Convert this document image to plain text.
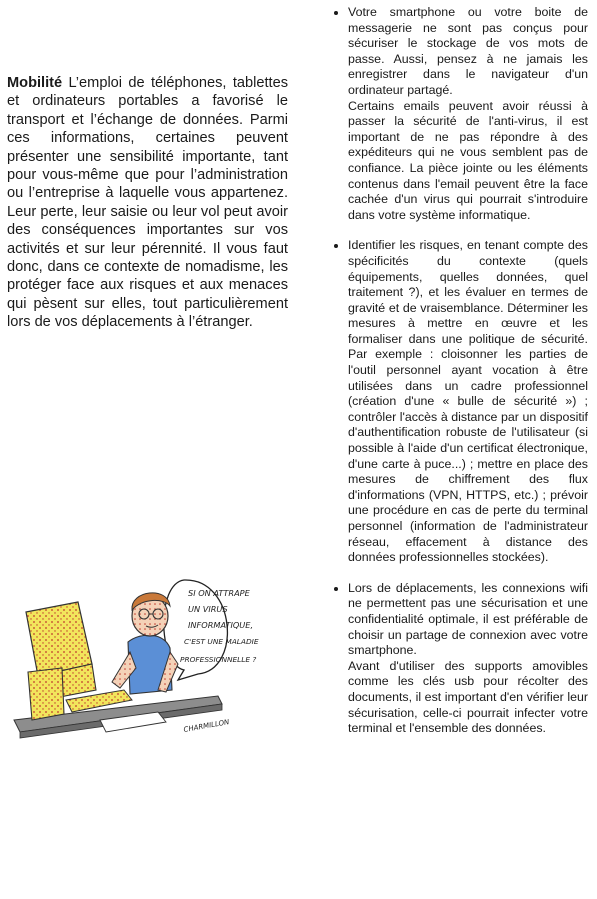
Mobilité L’emploi de téléphones, tablettes et ordinateurs portables a favorisé le transport et l’échange de données. Parmi ces informations, certaines peuvent présenter une sensibilité importante, tant pour vous-même que pour l’administration ou l’entreprise à laquelle vous appartenez. Leur perte, leur saisie ou leur vol peut avoir des conséquences importantes sur vos activités et sur leur pérennité. Il vous faut donc, dans ce contexte de nomadisme, les protéger face aux risques et aux menaces qui pèsent sur elles, tout particulièrement lors de vos déplacements à l’étranger.
SI ON ATTRAPE
UN VIRUS
INFORMATIQUE,
C'EST UNE MALADIE
PROFESSIONNELLE ?
CHARMILLON

• Votre smartphone ou votre boite de messagerie ne sont pas conçus pour sécuriser le stockage de vos mots de passe. Aussi, pensez à ne jamais les enregistrer dans le navigateur d'un ordinateur partagé.

Certains emails peuvent avoir réussi à passer la sécurité de l'anti-virus, il est important de ne pas répondre à des expéditeurs qui ne vous semblent pas de confiance. La pièce jointe ou les éléments contenus dans l'email peuvent être la face cachée d'un virus qui pourrait s'introduire dans votre système informatique.

• Identifier les risques, en tenant compte des spécificités du contexte (quels équipements, quelles données, quel traitement ?), et les évaluer en termes de gravité et de vraisemblance. Déterminer les mesures à mettre en œuvre et les formaliser dans une politique de sécurité. Par exemple : cloisonner les parties de l'outil personnel ayant vocation à être utilisées dans un cadre professionnel (création d'une « bulle de sécurité ») ; contrôler l'accès à distance par un dispositif d'authentification robuste de l'utilisateur (si possible à l'aide d'un certificat électronique, d'une carte à puce...) ; mettre en place des mesures de chiffrement des flux d'informations (VPN, HTTPS, etc.) ; prévoir une procédure en cas de perte du terminal personnel (information de l'administrateur réseau, effacement à distance des données professionnelles stockées).

• Lors de déplacements, les connexions wifi ne permettent pas une sécurisation et une confidentialité optimale, il est préférable de choisir un partage de connexion avec votre smartphone.

Avant d'utiliser des supports amovibles comme les clés usb pour récolter des documents, il est important d'en vérifier leur sécurisation, celle-ci pourrait infecter votre terminal et l'ensemble des données.
